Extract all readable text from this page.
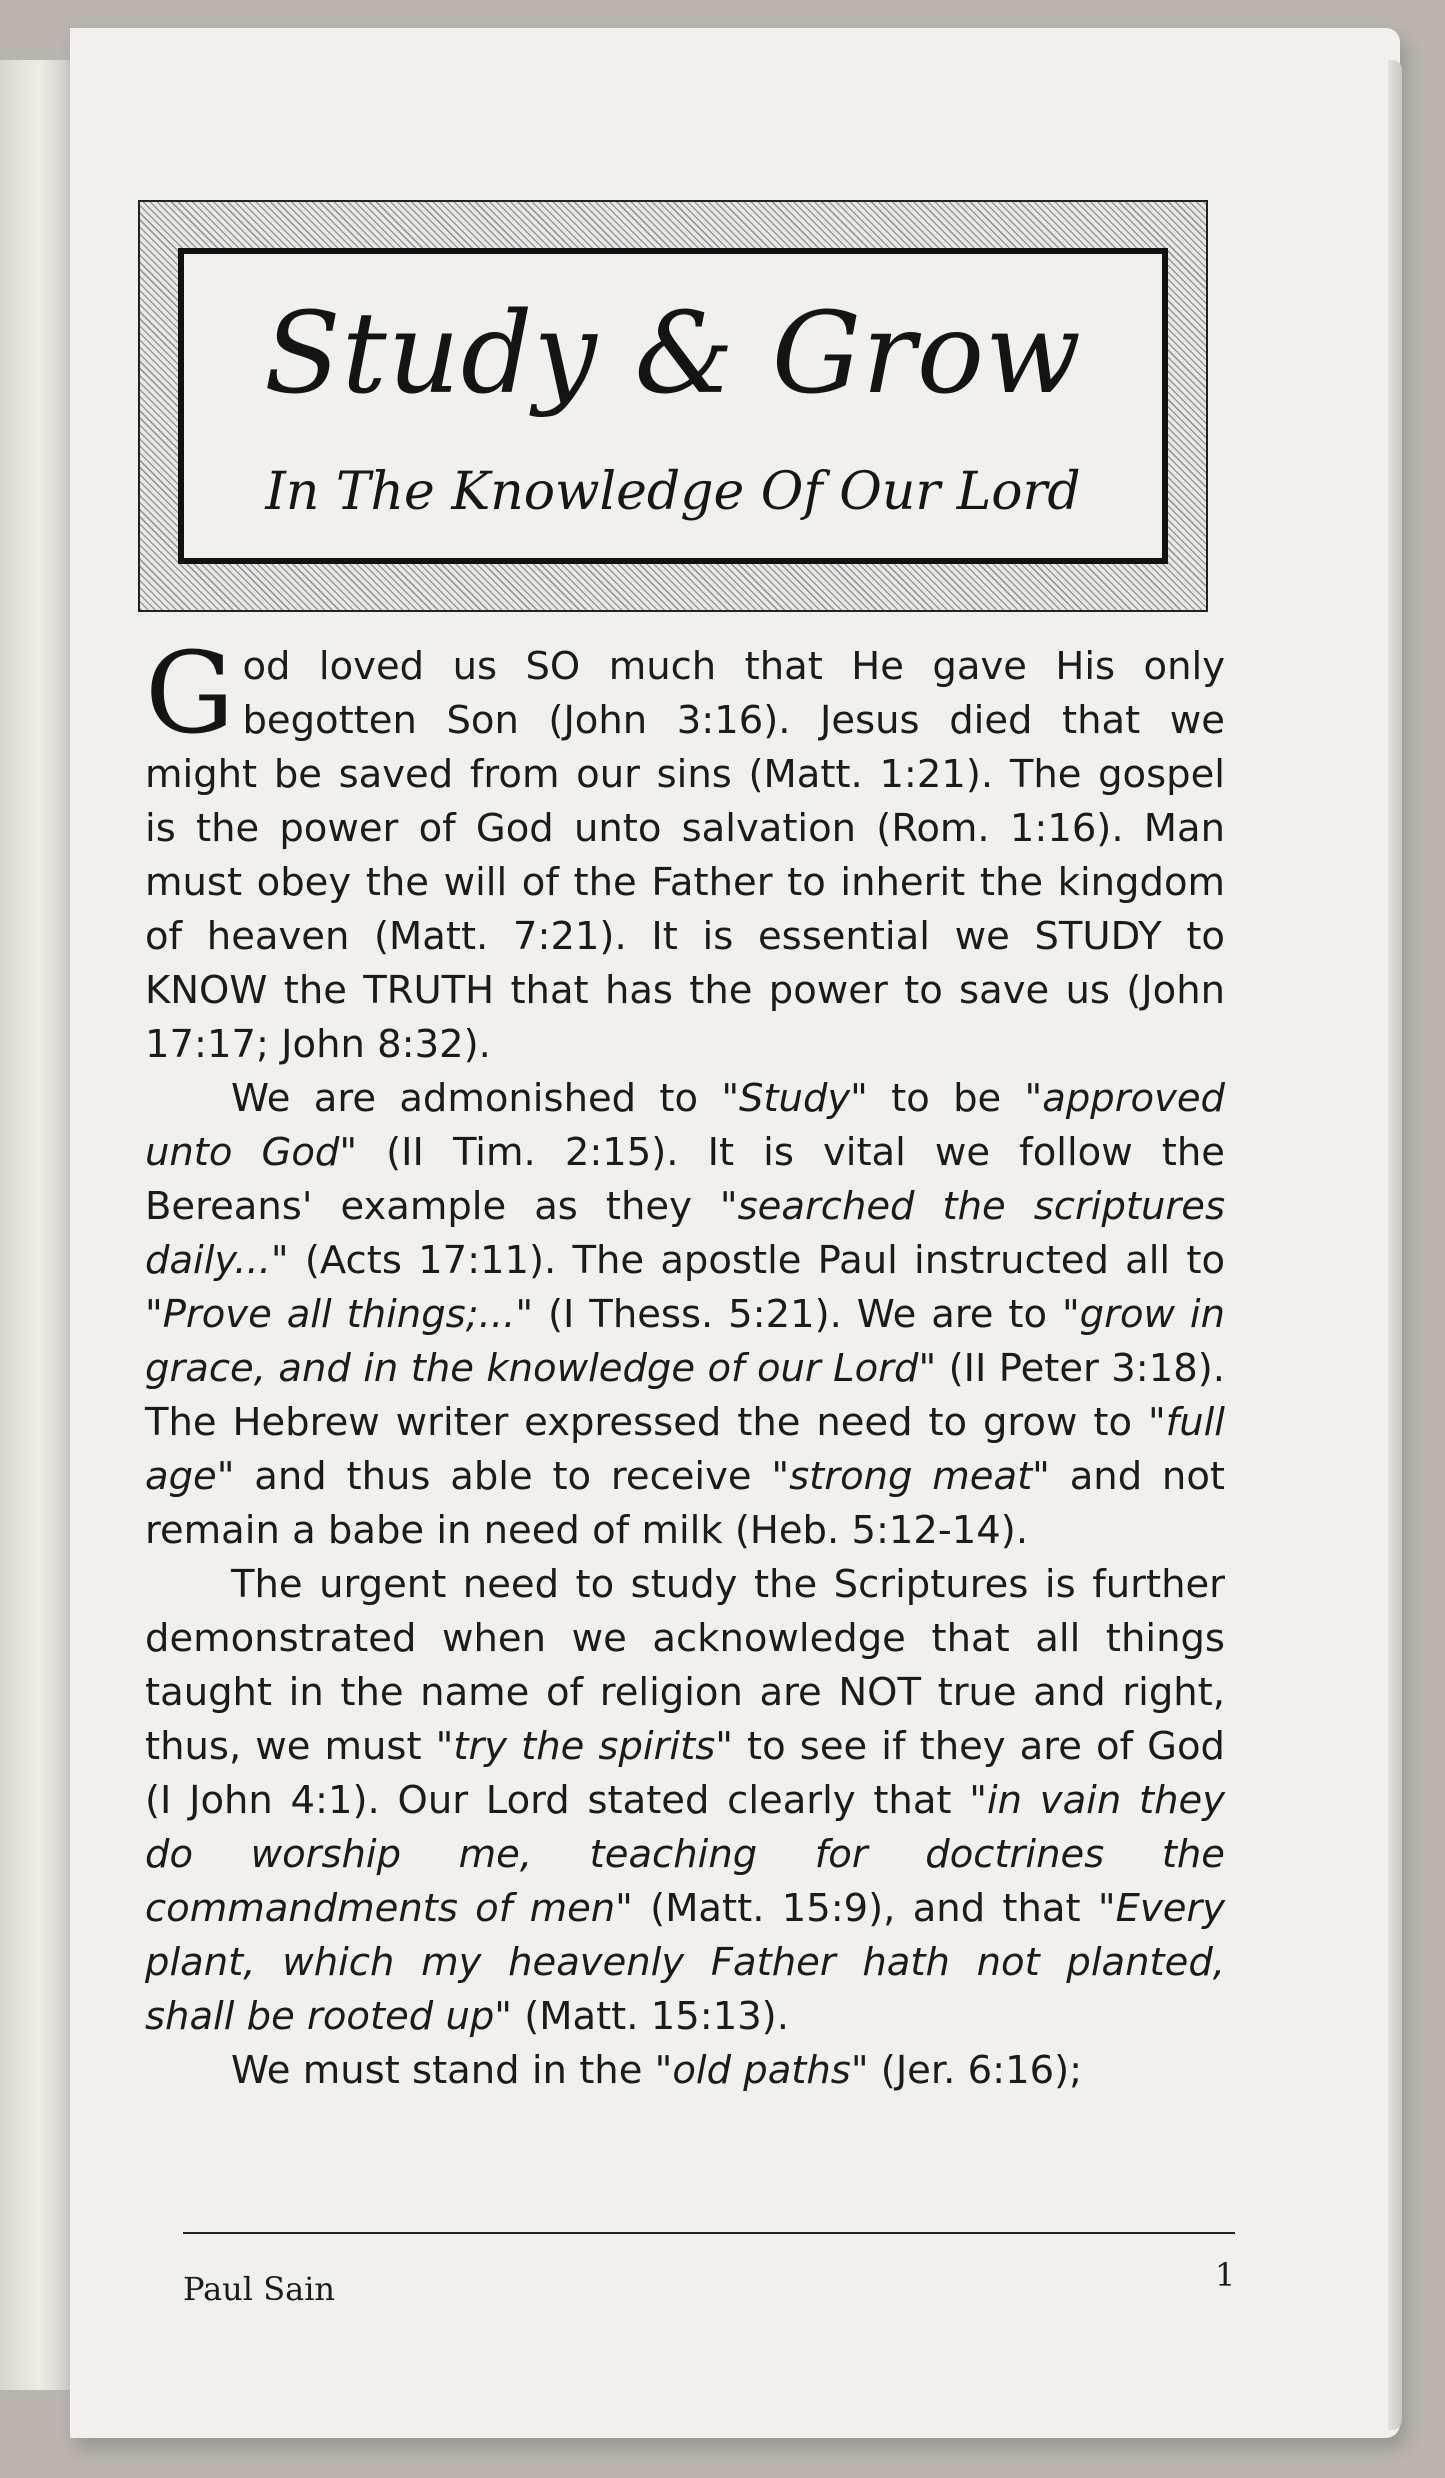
Study & Grow
In The Knowledge Of Our Lord

God loved us SO much that He gave His only begotten Son (John 3:16). Jesus died that we might be saved from our sins (Matt. 1:21). The gospel is the power of God unto salvation (Rom. 1:16). Man must obey the will of the Father to inherit the kingdom of heaven (Matt. 7:21). It is essential we STUDY to KNOW the TRUTH that has the power to save us (John 17:17; John 8:32).

We are admonished to "Study" to be "approved unto God" (II Tim. 2:15). It is vital we follow the Bereans' example as they "searched the scriptures daily..." (Acts 17:11). The apostle Paul instructed all to "Prove all things;..." (I Thess. 5:21). We are to "grow in grace, and in the knowledge of our Lord" (II Peter 3:18). The Hebrew writer expressed the need to grow to "full age" and thus able to receive "strong meat" and not remain a babe in need of milk (Heb. 5:12-14).

The urgent need to study the Scriptures is further demonstrated when we acknowledge that all things taught in the name of religion are NOT true and right, thus, we must "try the spirits" to see if they are of God (I John 4:1). Our Lord stated clearly that "in vain they do worship me, teaching for doctrines the commandments of men" (Matt. 15:9), and that "Every plant, which my heavenly Father hath not planted, shall be rooted up" (Matt. 15:13).

We must stand in the "old paths" (Jer. 6:16);

Paul Sain	1
